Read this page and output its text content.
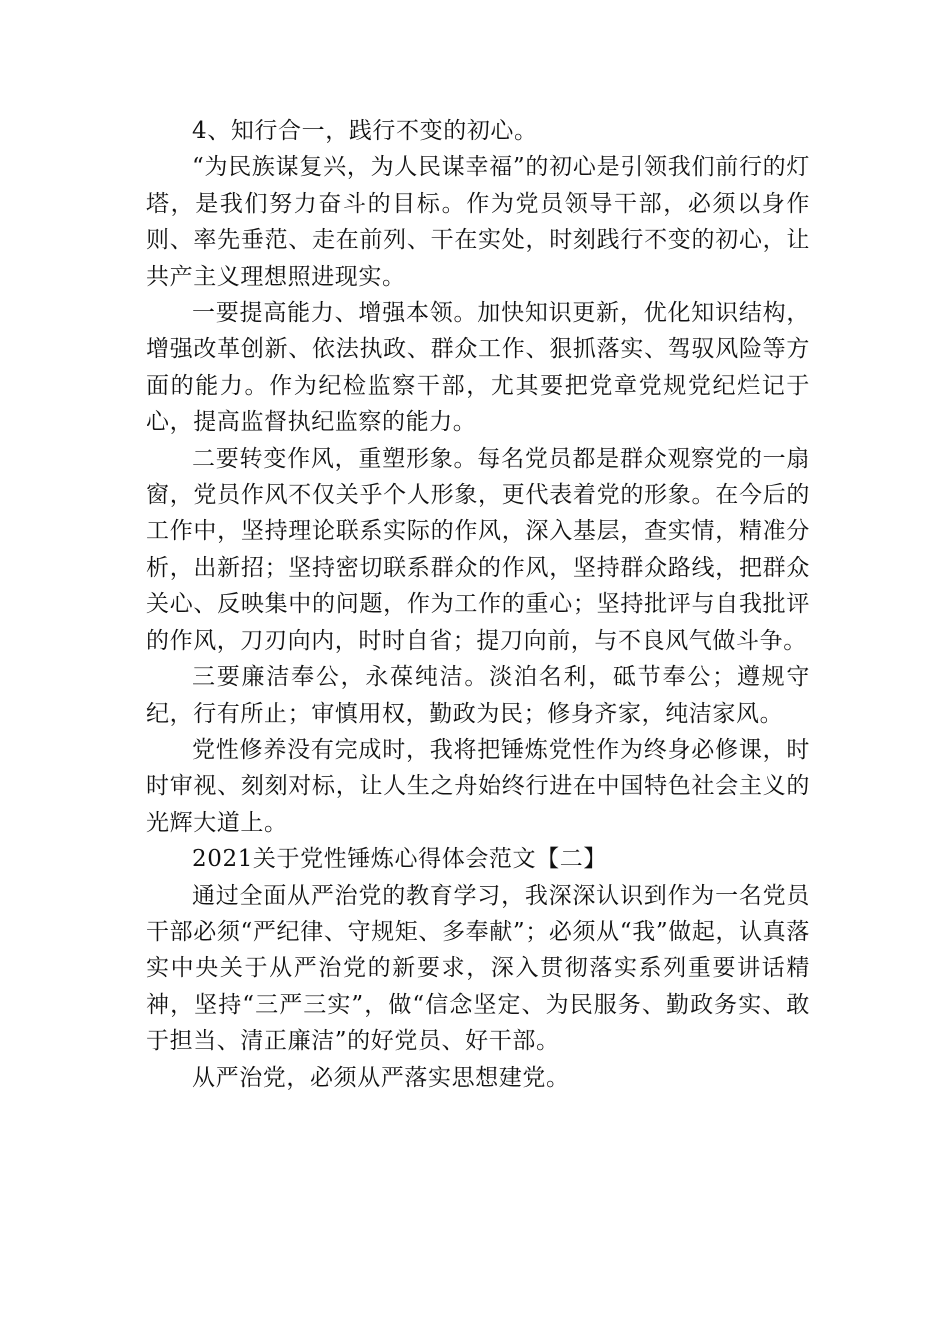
4、知行合一，践行不变的初心。

“为民族谋复兴，为人民谋幸福”的初心是引领我们前行的灯塔，是我们努力奋斗的目标。作为党员领导干部，必须以身作则、率先垂范、走在前列、干在实处，时刻践行不变的初心，让共产主义理想照进现实。

一要提高能力、增强本领。加快知识更新，优化知识结构，增强改革创新、依法执政、群众工作、狠抓落实、驾驭风险等方面的能力。作为纪检监察干部，尤其要把党章党规党纪烂记于心，提高监督执纪监察的能力。

二要转变作风，重塑形象。每名党员都是群众观察党的一扇窗，党员作风不仅关乎个人形象，更代表着党的形象。在今后的工作中，坚持理论联系实际的作风，深入基层，查实情，精准分析，出新招；坚持密切联系群众的作风，坚持群众路线，把群众关心、反映集中的问题，作为工作的重心；坚持批评与自我批评的作风，刀刃向内，时时自省；提刀向前，与不良风气做斗争。

三要廉洁奉公，永葆纯洁。淡泊名利，砥节奉公；遵规守纪，行有所止；审慎用权，勤政为民；修身齐家，纯洁家风。

党性修养没有完成时，我将把锤炼党性作为终身必修课，时时审视、刻刻对标，让人生之舟始终行进在中国特色社会主义的光辉大道上。

2021关于党性锤炼心得体会范文【二】

通过全面从严治党的教育学习，我深深认识到作为一名党员干部必须“严纪律、守规矩、多奉献”；必须从“我”做起，认真落实中央关于从严治党的新要求，深入贯彻落实系列重要讲话精神，坚持“三严三实”，做“信念坚定、为民服务、勤政务实、敢于担当、清正廉洁”的好党员、好干部。

从严治党，必须从严落实思想建党。
